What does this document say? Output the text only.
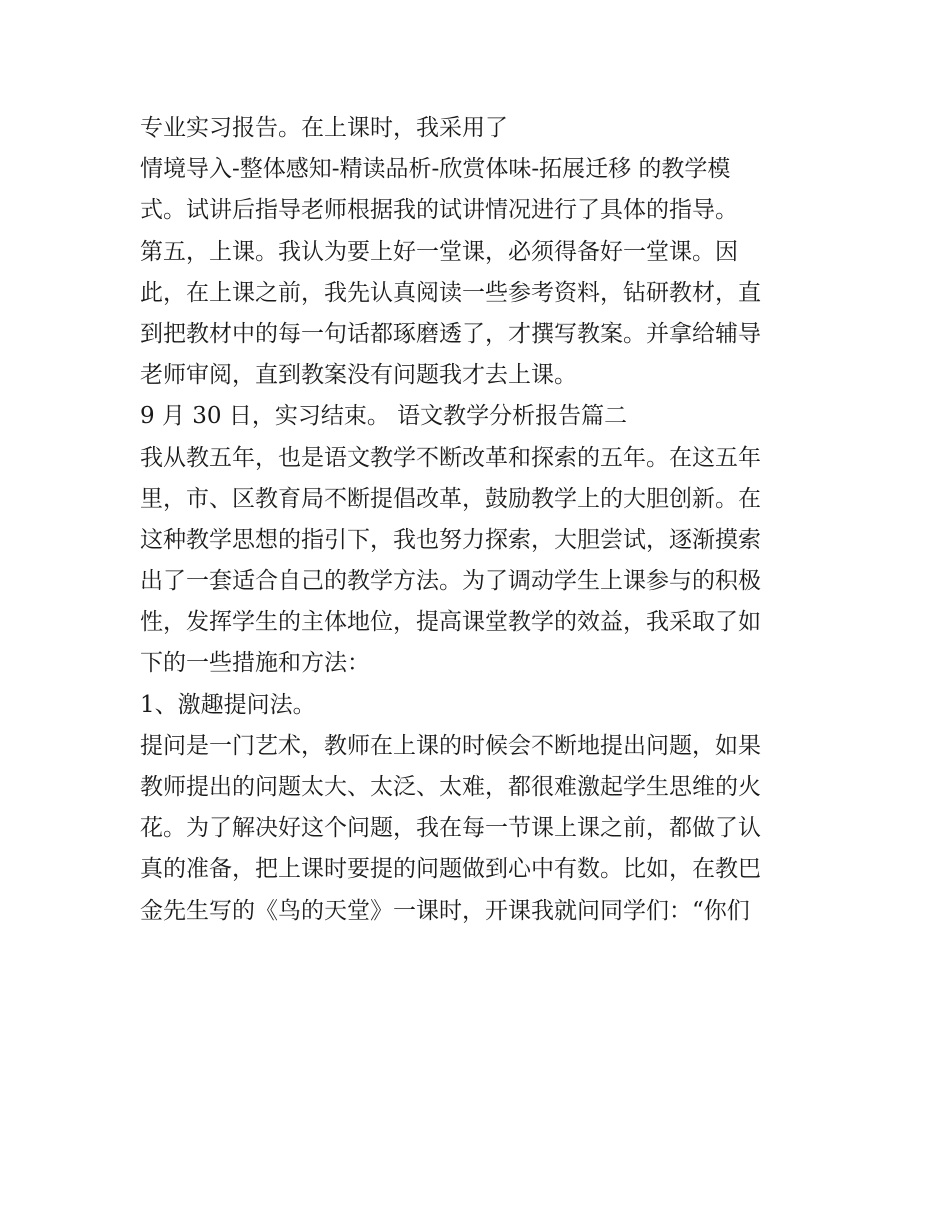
专业实习报告。在上课时，我采用了
情境导入-整体感知-精读品析-欣赏体味-拓展迁移 的教学模
式。试讲后指导老师根据我的试讲情况进行了具体的指导。
第五，上课。我认为要上好一堂课，必须得备好一堂课。因
此，在上课之前，我先认真阅读一些参考资料，钻研教材，直
到把教材中的每一句话都琢磨透了，才撰写教案。并拿给辅导
老师审阅，直到教案没有问题我才去上课。
9 月 30 日，实习结束。 语文教学分析报告篇二
我从教五年，也是语文教学不断改革和探索的五年。在这五年
里，市、区教育局不断提倡改革，鼓励教学上的大胆创新。在
这种教学思想的指引下，我也努力探索，大胆尝试，逐渐摸索
出了一套适合自己的教学方法。为了调动学生上课参与的积极
性，发挥学生的主体地位，提高课堂教学的效益，我采取了如
下的一些措施和方法：
1、激趣提问法。
提问是一门艺术，教师在上课的时候会不断地提出问题，如果
教师提出的问题太大、太泛、太难，都很难激起学生思维的火
花。为了解决好这个问题，我在每一节课上课之前，都做了认
真的准备，把上课时要提的问题做到心中有数。比如，在教巴
金先生写的《鸟的天堂》一课时，开课我就问同学们：“你们
